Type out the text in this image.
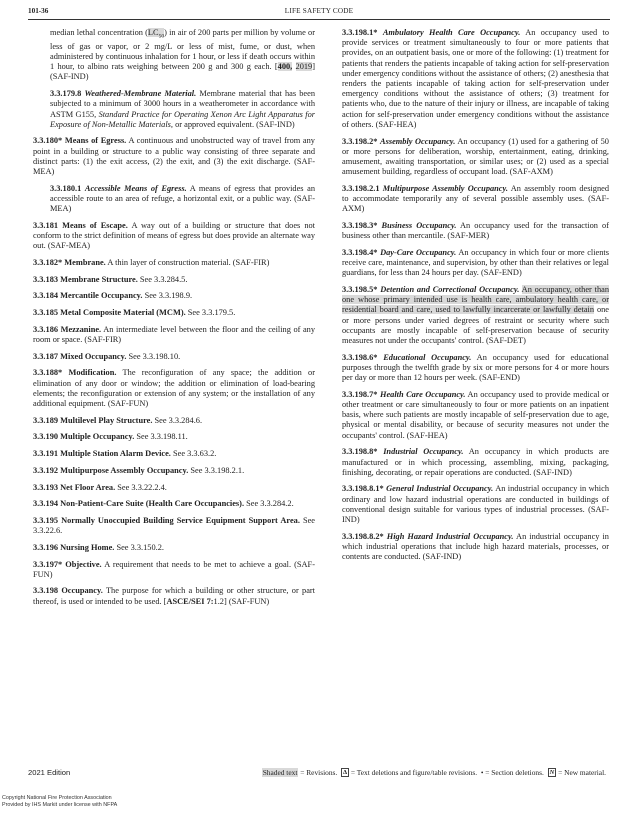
101-36	LIFE SAFETY CODE
median lethal concentration $(LC_{50})$ in air of 200 parts per million by volume or less of gas or vapor, or 2 mg/L or less of mist, fume, or dust, when administered by continuous inhalation for 1 hour, or less if death occurs within 1 hour, to albino rats weighing between 200 g and 300 g each. [400, 2019] (SAF-IND)
3.3.179.8 Weathered-Membrane Material. Membrane material that has been subjected to a minimum of 3000 hours in a weatherometer in accordance with ASTM G155, Standard Practice for Operating Xenon Arc Light Apparatus for Exposure of Non-Metallic Materials, or approved equivalent. (SAF-IND)
3.3.180* Means of Egress. A continuous and unobstructed way of travel from any point in a building or structure to a public way consisting of three separate and distinct parts: (1) the exit access, (2) the exit, and (3) the exit discharge. (SAF-MEA)
3.3.180.1 Accessible Means of Egress. A means of egress that provides an accessible route to an area of refuge, a horizontal exit, or a public way. (SAF-MEA)
3.3.181 Means of Escape. A way out of a building or structure that does not conform to the strict definition of means of egress but does provide an alternate way out. (SAF-MEA)
3.3.182* Membrane. A thin layer of construction material. (SAF-FIR)
3.3.183 Membrane Structure. See 3.3.284.5.
3.3.184 Mercantile Occupancy. See 3.3.198.9.
3.3.185 Metal Composite Material (MCM). See 3.3.179.5.
3.3.186 Mezzanine. An intermediate level between the floor and the ceiling of any room or space. (SAF-FIR)
3.3.187 Mixed Occupancy. See 3.3.198.10.
3.3.188* Modification. The reconfiguration of any space; the addition or elimination of any door or window; the addition or elimination of load-bearing elements; the reconfiguration or extension of any system; or the installation of any additional equipment. (SAF-FUN)
3.3.189 Multilevel Play Structure. See 3.3.284.6.
3.3.190 Multiple Occupancy. See 3.3.198.11.
3.3.191 Multiple Station Alarm Device. See 3.3.63.2.
3.3.192 Multipurpose Assembly Occupancy. See 3.3.198.2.1.
3.3.193 Net Floor Area. See 3.3.22.2.4.
3.3.194 Non-Patient-Care Suite (Health Care Occupancies). See 3.3.284.2.
3.3.195 Normally Unoccupied Building Service Equipment Support Area. See 3.3.22.6.
3.3.196 Nursing Home. See 3.3.150.2.
3.3.197* Objective. A requirement that needs to be met to achieve a goal. (SAF-FUN)
3.3.198 Occupancy. The purpose for which a building or other structure, or part thereof, is used or intended to be used. [ASCE/SEI 7:1.2] (SAF-FUN)
3.3.198.1* Ambulatory Health Care Occupancy. An occupancy used to provide services or treatment simultaneously to four or more patients that provides, on an outpatient basis, one or more of the following: (1) treatment for patients that renders the patients incapable of taking action for self-preservation under emergency conditions without the assistance of others; (2) anesthesia that renders the patients incapable of taking action for self-preservation under emergency conditions without the assistance of others; (3) treatment for patients who, due to the nature of their injury or illness, are incapable of taking action for self-preservation under emergency conditions without the assistance of others. (SAF-HEA)
3.3.198.2* Assembly Occupancy. An occupancy (1) used for a gathering of 50 or more persons for deliberation, worship, entertainment, eating, drinking, amusement, awaiting transportation, or similar uses; or (2) used as a special amusement building, regardless of occupant load. (SAF-AXM)
3.3.198.2.1 Multipurpose Assembly Occupancy. An assembly room designed to accommodate temporarily any of several possible assembly uses. (SAF-AXM)
3.3.198.3* Business Occupancy. An occupancy used for the transaction of business other than mercantile. (SAF-MER)
3.3.198.4* Day-Care Occupancy. An occupancy in which four or more clients receive care, maintenance, and supervision, by other than their relatives or legal guardians, for less than 24 hours per day. (SAF-END)
3.3.198.5* Detention and Correctional Occupancy. An occupancy, other than one whose primary intended use is health care, ambulatory health care, or residential board and care, used to lawfully incarcerate or lawfully detain one or more persons under varied degrees of restraint or security where such occupants are mostly incapable of self-preservation because of security measures not under the occupants' control. (SAF-DET)
3.3.198.6* Educational Occupancy. An occupancy used for educational purposes through the twelfth grade by six or more persons for 4 or more hours per day or more than 12 hours per week. (SAF-END)
3.3.198.7* Health Care Occupancy. An occupancy used to provide medical or other treatment or care simultaneously to four or more patients on an inpatient basis, where such patients are mostly incapable of self-preservation due to age, physical or mental disability, or because of security measures not under the occupants' control. (SAF-HEA)
3.3.198.8* Industrial Occupancy. An occupancy in which products are manufactured or in which processing, assembling, mixing, packaging, finishing, decorating, or repair operations are conducted. (SAF-IND)
3.3.198.8.1* General Industrial Occupancy. An industrial occupancy in which ordinary and low hazard industrial operations are conducted in buildings of conventional design suitable for various types of industrial processes. (SAF-IND)
3.3.198.8.2* High Hazard Industrial Occupancy. An industrial occupancy in which industrial operations that include high hazard materials, processes, or contents are conducted. (SAF-IND)
2021 Edition	Shaded text = Revisions. Δ = Text deletions and figure/table revisions. • = Section deletions. N = New material.
Copyright National Fire Protection Association
Provided by IHS Markit under license with NFPA
